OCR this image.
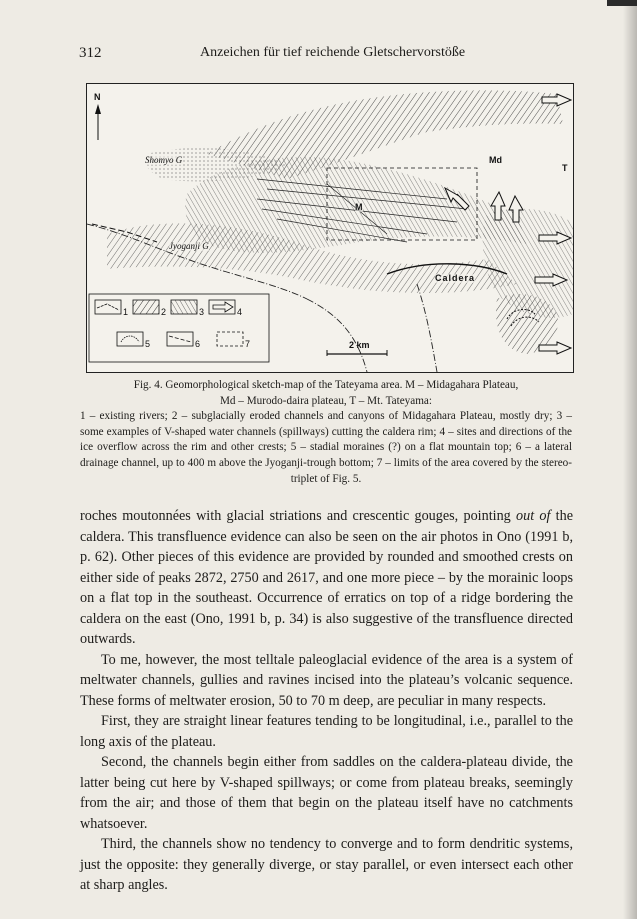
312	Anzeichen für tief reichende Gletschervorstöße
N
Shomyo G
Jyoganji G
Md
M
T
Caldera
2 km
1	2	3	4
5	6	7
Fig. 4. Geomorphological sketch-map of the Tateyama area. M – Midagahara Plateau,
Md – Murodo-daira plateau, T – Mt. Tateyama:
1 – existing rivers; 2 – subglacially eroded channels and canyons of Midagahara Plateau, mostly dry; 3 – some examples of V-shaped water channels (spillways) cutting the caldera rim; 4 – sites and directions of the ice overflow across the rim and other crests; 5 – stadial moraines (?) on a flat mountain top; 6 – a lateral drainage channel, up to 400 m above the Jyoganji-trough bottom; 7 – limits of the area covered by the stereo-triplet of Fig. 5.

roches moutonnées with glacial striations and crescentic gouges, pointing out of the caldera. This transfluence evidence can also be seen on the air photos in Ono (1991 b, p. 62). Other pieces of this evidence are provided by rounded and smoothed crests on either side of peaks 2872, 2750 and 2617, and one more piece – by the morainic loops on a flat top in the southeast. Occurrence of erratics on top of a ridge bordering the caldera on the east (Ono, 1991 b, p. 34) is also suggestive of the transfluence directed outwards.

To me, however, the most telltale paleoglacial evidence of the area is a system of meltwater channels, gullies and ravines incised into the plateau’s volcanic sequence. These forms of meltwater erosion, 50 to 70 m deep, are peculiar in many respects.

First, they are straight linear features tending to be longitudinal, i.e., parallel to the long axis of the plateau.

Second, the channels begin either from saddles on the caldera-plateau divide, the latter being cut here by V-shaped spillways; or come from plateau breaks, seemingly from the air; and those of them that begin on the plateau itself have no catchments whatsoever.

Third, the channels show no tendency to converge and to form dendritic systems, just the opposite: they generally diverge, or stay parallel, or even intersect each other at sharp angles.
